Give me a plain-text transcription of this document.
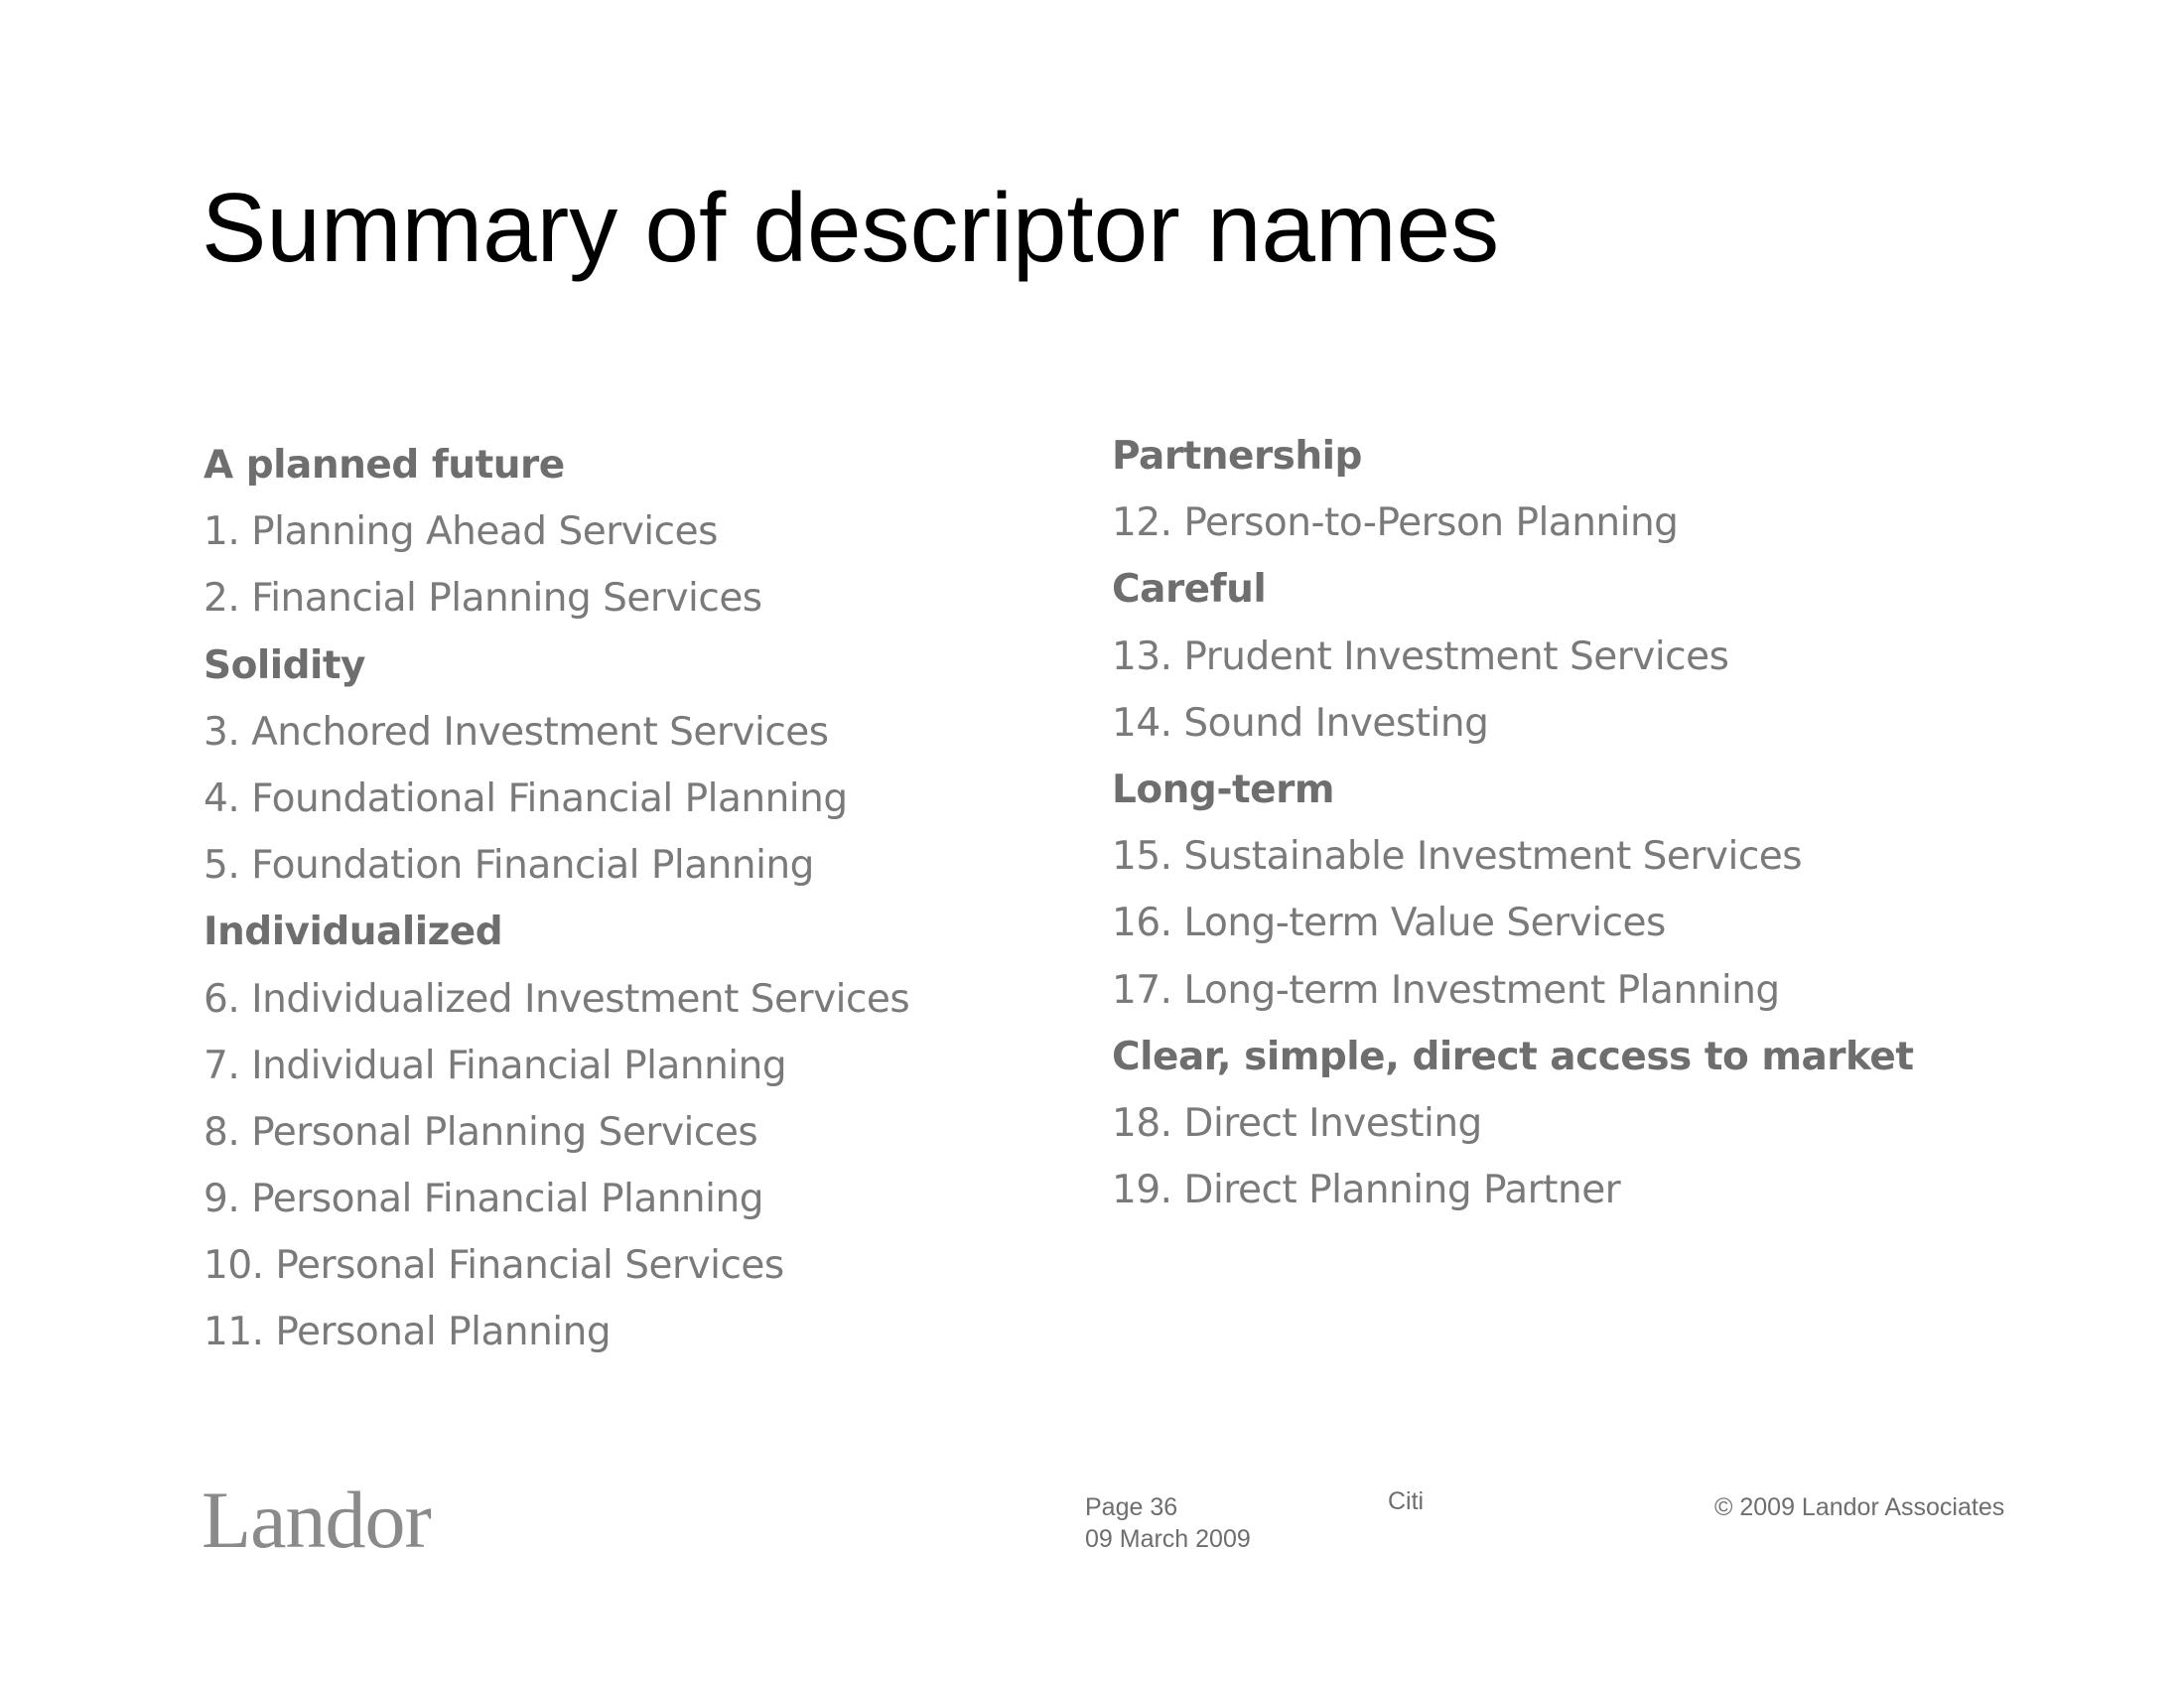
Summary of descriptor names
A planned future
1. Planning Ahead Services
2. Financial Planning Services
Solidity
3. Anchored Investment Services
4. Foundational Financial Planning
5. Foundation Financial Planning
Individualized
6. Individualized Investment Services
7. Individual Financial Planning
8. Personal Planning Services
9. Personal Financial Planning
10. Personal Financial Services
11. Personal Planning
Partnership
12. Person-to-Person Planning
Careful
13. Prudent Investment Services
14. Sound Investing
Long-term
15. Sustainable Investment Services
16. Long-term Value Services
17. Long-term Investment Planning
Clear, simple, direct access to market
18. Direct Investing
19. Direct Planning Partner
Landor	Page 36
09 March 2009
Citi	© 2009 Landor Associates
